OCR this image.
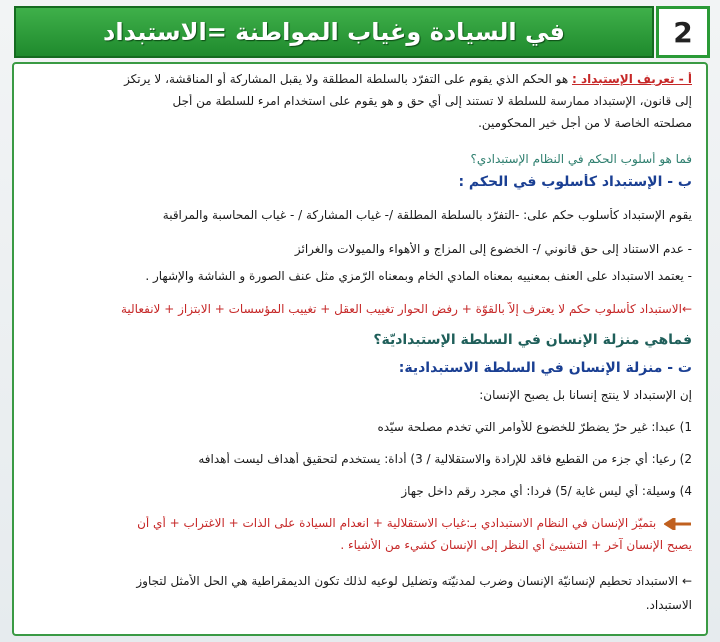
في السيادة وغياب المواطنة =الاستبداد	2
أ - تعريف الإستبداد : هو الحكم الذي يقوم على التفرّد بالسلطة المطلقة ولا يقبل المشاركة أو المناقشة، لا يرتكز
إلى قانون، الإستبداد ممارسة للسلطة لا تستند إلى أي حق و هو يقوم على استخدام امرء للسلطة من أجل
مصلحته الخاصة لا من أجل خير المحكومين.
فما هو أسلوب الحكم في النظام الإستبدادي؟
ب - الإستبداد كأسلوب في الحكم :
يقوم الإستبداد كأسلوب حكم على: -التفرّد بالسلطة المطلقة /- غياب المشاركة / - غياب المحاسبة والمراقبة
- عدم الاستناد إلى حق قانوني /- الخضوع إلى المزاج و الأهواء والميولات والغرائز
- يعتمد الاستبداد على العنف بمعنييه بمعناه المادي الخام وبمعناه الرّمزي مثل عنف الصورة و الشاشة والإشهار .
←الاستبداد كأسلوب حكم لا يعترف إلاّ بالقوّة + رفض الحوار تغييب العقل + تغييب المؤسسات + الابتزاز + لانفعالية
فماهي منزلة الإنسان في السلطة الإستبداديّة؟
ت - منزلة الإنسان في السلطة الاستبدادية:
إن الإستبداد لا ينتج إنسانا بل يصبح الإنسان:
1) عبدا: غير حرّ يضطرّ للخضوع للأوامر التي تخدم مصلحة سيّده
2) رعيا: أي جزء من القطيع فاقد للإرادة والاستقلالية / 3) أداة: يستخدم لتحقيق أهداف ليست أهدافه
4) وسيلة: أي ليس غاية /5) فردا: أي مجرد رقم داخل جهاز
بتميّز الإنسان في النظام الاستبدادي بـ:غياب الاستقلالية + انعدام السيادة على الذات + الاغتراب + أي أن
يصبح الإنسان آخر + التشييئ أي النظر إلى الإنسان كشيء من الأشياء .
← الاستبداد تحطيم لإنسانيّة الإنسان وضرب لمدنيّته وتضليل لوعيه لذلك تكون الديمقراطية هي الحل الأمثل لتجاوز
الاستبداد.
